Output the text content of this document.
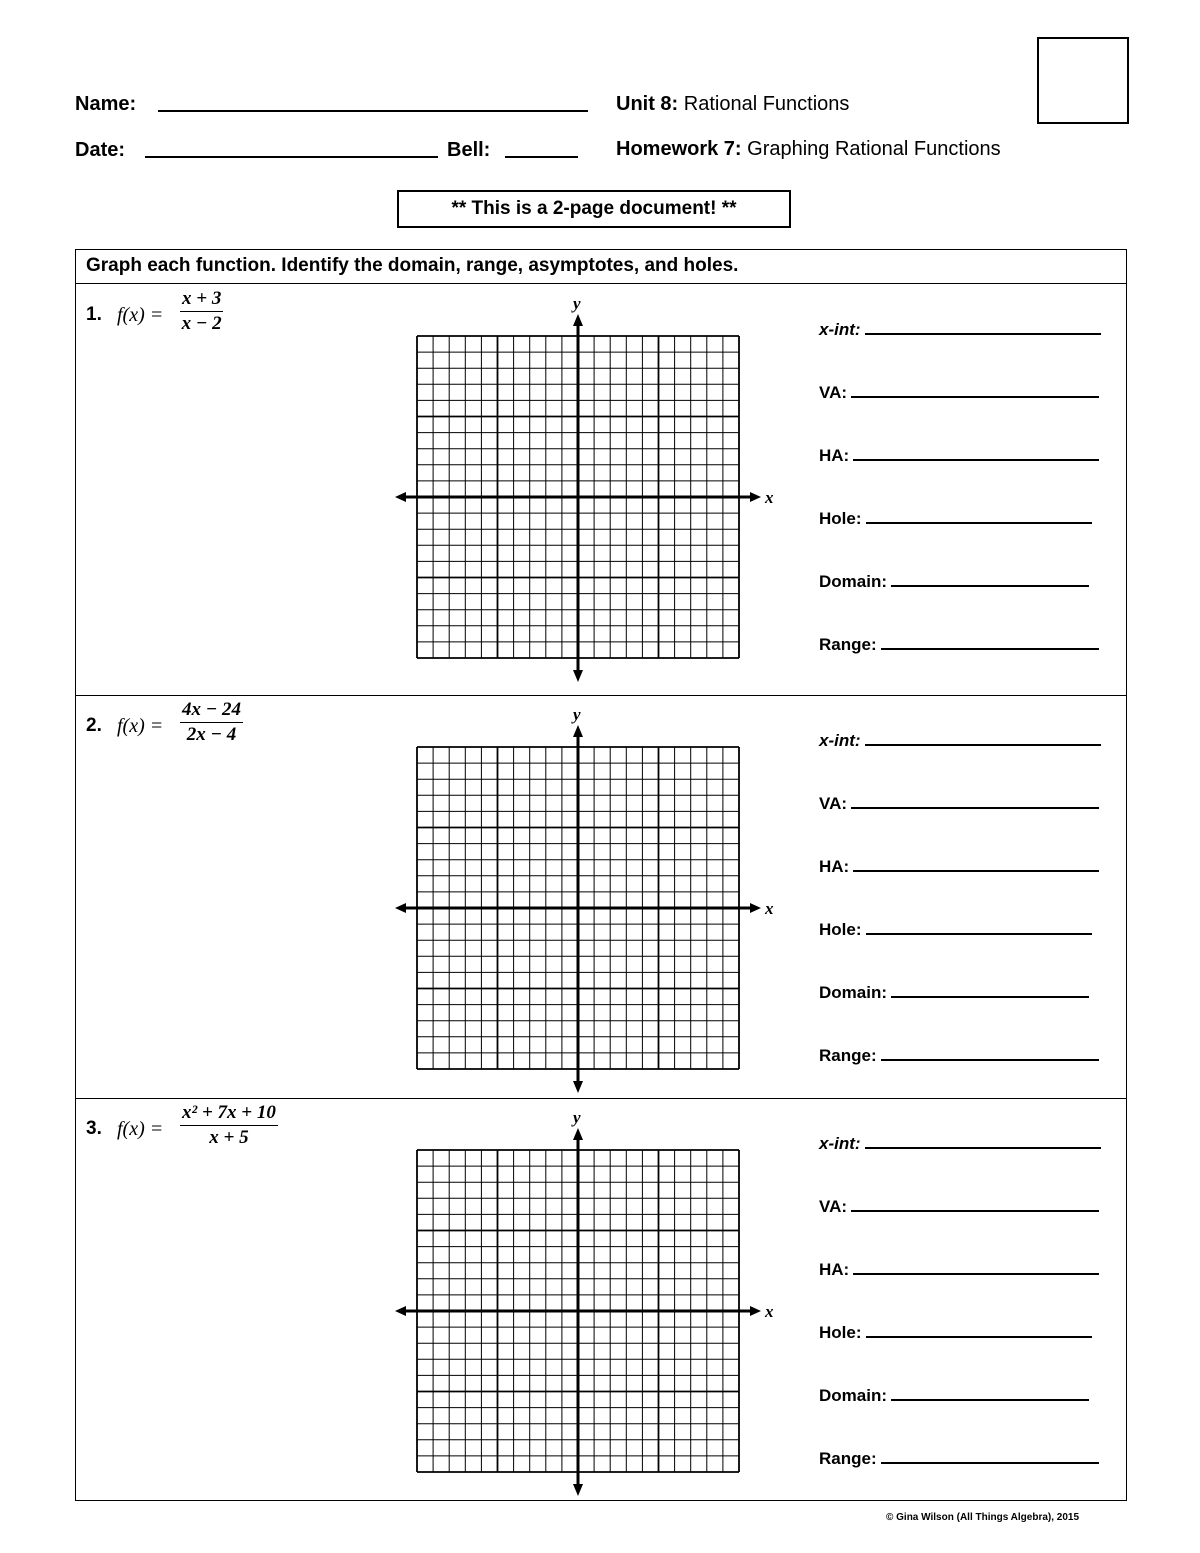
Name:
Date:	Bell:
Unit 8: Rational Functions
Homework 7: Graphing Rational Functions
** This is a 2-page document! **
Graph each function. Identify the domain, range, asymptotes, and holes.
1. $f(x) = \frac{x + 3}{x - 2}$
x
y
x-int:
VA:
HA:
Hole:
Domain:
Range:
2. $f(x) = \frac{4x - 24}{2x - 4}$
x
y
x-int:
VA:
HA:
Hole:
Domain:
Range:
3. $f(x) = \frac{\text{x² + 7x + 10}}{x + 5}$
x
y
x-int:
VA:
HA:
Hole:
Domain:
Range:
© Gina Wilson (All Things Algebra), 2015
